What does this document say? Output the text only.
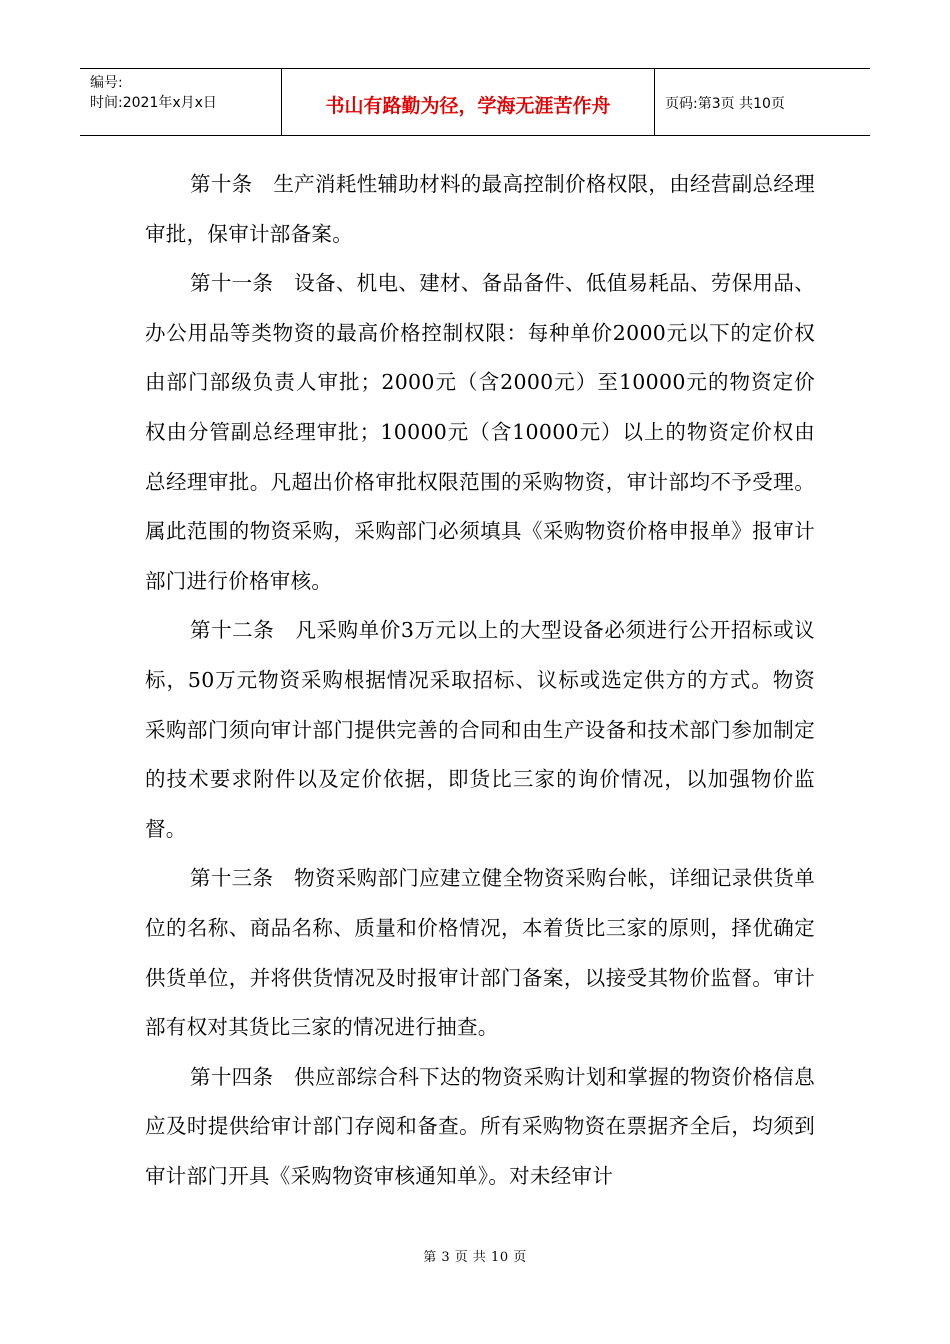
编号:
时间:2021年x月x日	书山有路勤为径，学海无涯苦作舟	页码:第3页 共10页

第十条　生产消耗性辅助材料的最高控制价格权限，由经营副总经理审批，保审计部备案。

第十一条　设备、机电、建材、备品备件、低值易耗品、劳保用品、办公用品等类物资的最高价格控制权限：每种单价2000元以下的定价权由部门部级负责人审批；2000元（含2000元）至10000元的物资定价权由分管副总经理审批；10000元（含10000元）以上的物资定价权由总经理审批。凡超出价格审批权限范围的采购物资，审计部均不予受理。属此范围的物资采购，采购部门必须填具《采购物资价格申报单》报审计部门进行价格审核。

第十二条　凡采购单价3万元以上的大型设备必须进行公开招标或议标，50万元物资采购根据情况采取招标、议标或选定供方的方式。物资采购部门须向审计部门提供完善的合同和由生产设备和技术部门参加制定的技术要求附件以及定价依据，即货比三家的询价情况，以加强物价监督。

第十三条　物资采购部门应建立健全物资采购台帐，详细记录供货单位的名称、商品名称、质量和价格情况，本着货比三家的原则，择优确定供货单位，并将供货情况及时报审计部门备案，以接受其物价监督。审计部有权对其货比三家的情况进行抽查。

第十四条　供应部综合科下达的物资采购计划和掌握的物资价格信息应及时提供给审计部门存阅和备查。所有采购物资在票据齐全后，均须到审计部门开具《采购物资审核通知单》。对未经审计

第 3 页 共 10 页
